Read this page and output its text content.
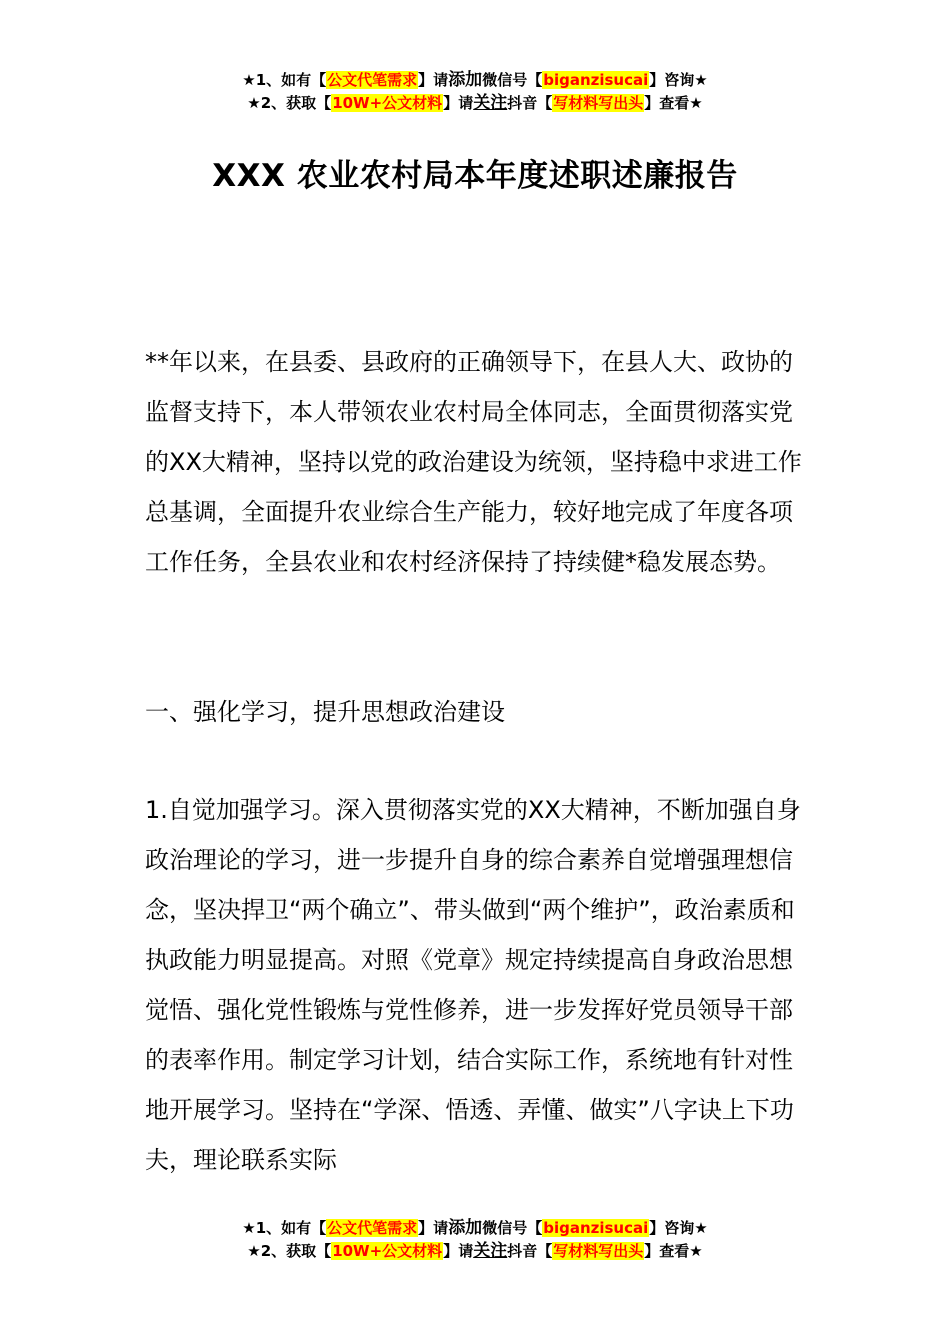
★1、如有【公文代笔需求】请添加微信号【biganzisucai】咨询★
★2、获取【10W+公文材料】请关注抖音【写材料写出头】查看★
XXX 农业农村局本年度述职述廉报告

**年以来，在县委、县政府的正确领导下，在县人大、政协的监督支持下，本人带领农业农村局全体同志，全面贯彻落实党的XX大精神，坚持以党的政治建设为统领，坚持稳中求进工作总基调，全面提升农业综合生产能力，较好地完成了年度各项工作任务，全县农业和农村经济保持了持续健*稳发展态势。

一、强化学习，提升思想政治建设

1.自觉加强学习。深入贯彻落实党的XX大精神，不断加强自身政治理论的学习，进一步提升自身的综合素养自觉增强理想信念，坚决捍卫“两个确立”、带头做到“两个维护”，政治素质和执政能力明显提高。对照《党章》规定持续提高自身政治思想觉悟、强化党性锻炼与党性修养，进一步发挥好党员领导干部的表率作用。制定学习计划，结合实际工作，系统地有针对性地开展学习。坚持在“学深、悟透、弄懂、做实”八字诀上下功夫，理论联系实际

★1、如有【公文代笔需求】请添加微信号【biganzisucai】咨询★
★2、获取【10W+公文材料】请关注抖音【写材料写出头】查看★
